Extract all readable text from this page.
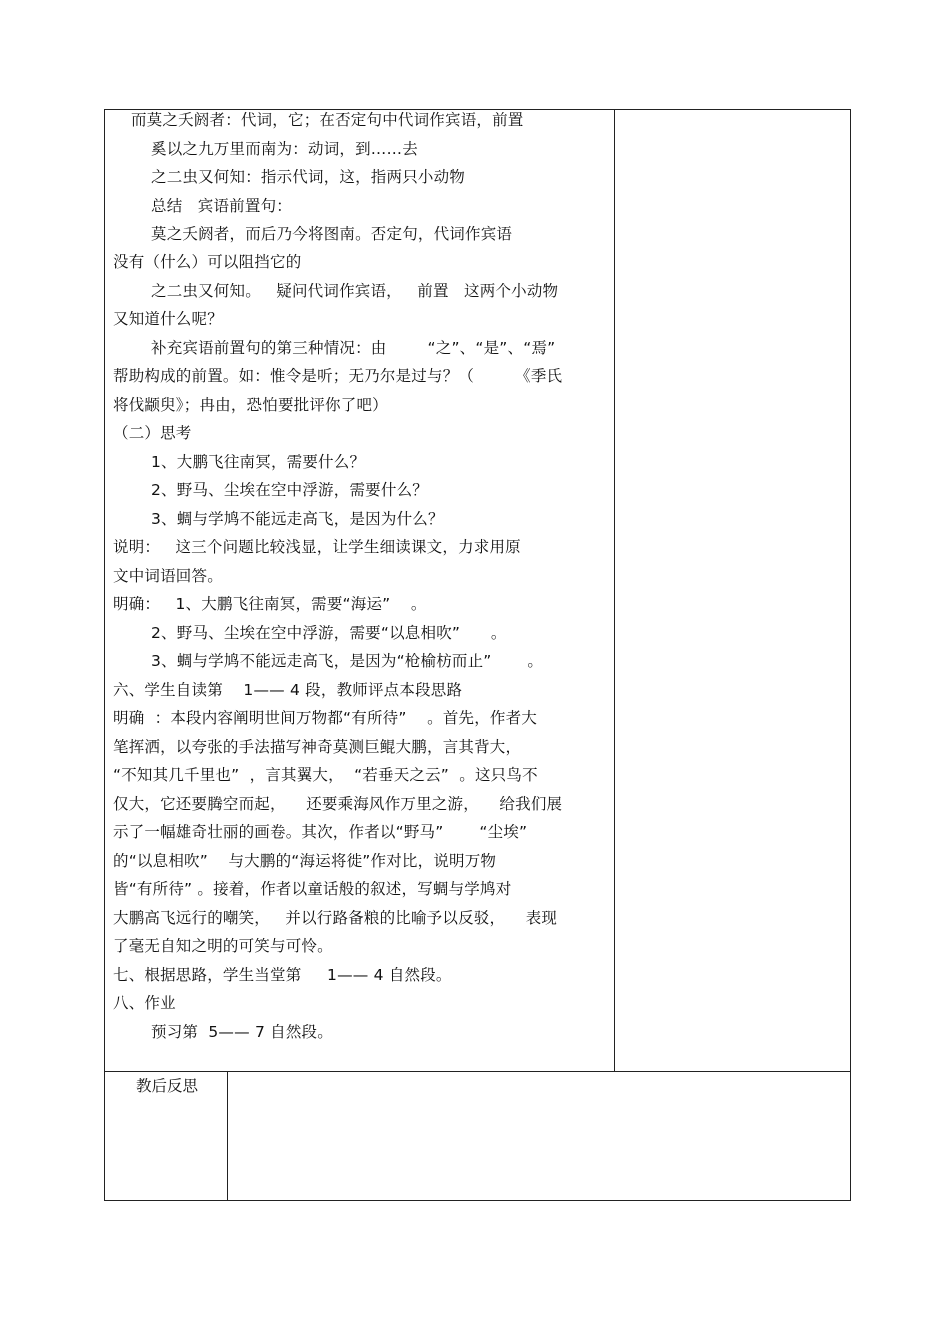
而莫之夭阏者：代词，它；在否定句中代词作宾语，前置
奚以之九万里而南为：动词，到……去
之二虫又何知：指示代词，这，指两只小动物
总结   宾语前置句：
莫之夭阏者，而后乃今将图南。否定句，代词作宾语
没有（什么）可以阻挡它的
之二虫又何知。   疑问代词作宾语，   前置   这两个小动物
又知道什么呢？
补充宾语前置句的第三种情况：由        “之”、“是”、“焉”
帮助构成的前置。如：惟令是听；无乃尔是过与？（        《季氏
将伐颛臾》；冉由，恐怕要批评你了吧）
（二）思考
1、大鹏飞往南冥，需要什么？
2、野马、尘埃在空中浮游，需要什么？
3、蜩与学鸠不能远走高飞，是因为什么？
说明：   这三个问题比较浅显，让学生细读课文，力求用原
文中词语回答。
明确：   1、大鹏飞往南冥，需要“海运”    。
2、野马、尘埃在空中浮游，需要“以息相吹”      。
3、蜩与学鸠不能远走高飞，是因为“枪榆枋而止”       。
六、学生自读第    1—— 4 段，教师评点本段思路
明确  ：本段内容阐明世间万物都“有所待”    。首先，作者大
笔挥洒，以夸张的手法描写神奇莫测巨鲲大鹏，言其背大，
“不知其几千里也”  ，言其翼大，  “若垂天之云”  。这只鸟不
仅大，它还要腾空而起，    还要乘海风作万里之游，    给我们展
示了一幅雄奇壮丽的画卷。其次，作者以“野马”       “尘埃”
的“以息相吹”    与大鹏的“海运将徙”作对比，说明万物
皆“有所待” 。接着，作者以童话般的叙述，写蜩与学鸠对
大鹏高飞远行的嘲笑，   并以行路备粮的比喻予以反驳，    表现
了毫无自知之明的可笑与可怜。
七、根据思路，学生当堂第     1—— 4 自然段。
八、作业
预习第  5—— 7 自然段。
教后反思
